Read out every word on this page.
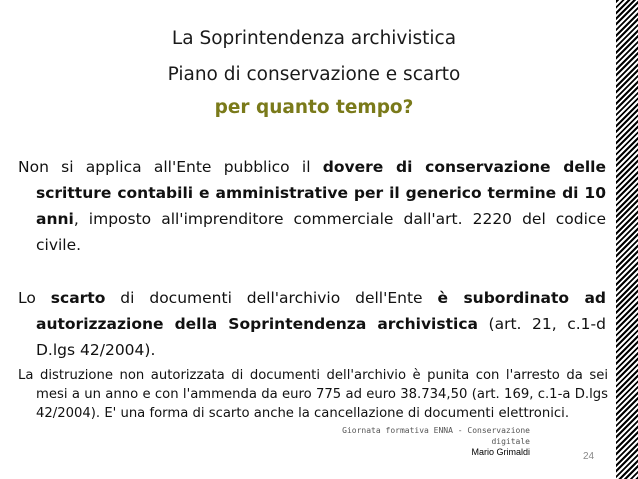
La Soprintendenza archivistica
Piano di conservazione e scarto
per quanto tempo?
Non si applica all'Ente pubblico il dovere di conservazione delle scritture contabili e amministrative per il generico termine di 10 anni, imposto all'imprenditore commerciale dall'art. 2220 del codice civile.
Lo scarto di documenti dell'archivio dell'Ente è subordinato ad autorizzazione della Soprintendenza archivistica (art. 21, c.1-d D.lgs 42/2004).
La distruzione non autorizzata di documenti dell'archivio è punita con l'arresto da sei mesi a un anno e con l'ammenda da euro 775 ad euro 38.734,50 (art. 169, c.1-a D.lgs 42/2004). E' una forma di scarto anche la cancellazione di documenti elettronici.
Giornata formativa ENNA - Conservazione
digitale
Mario Grimaldi	24
